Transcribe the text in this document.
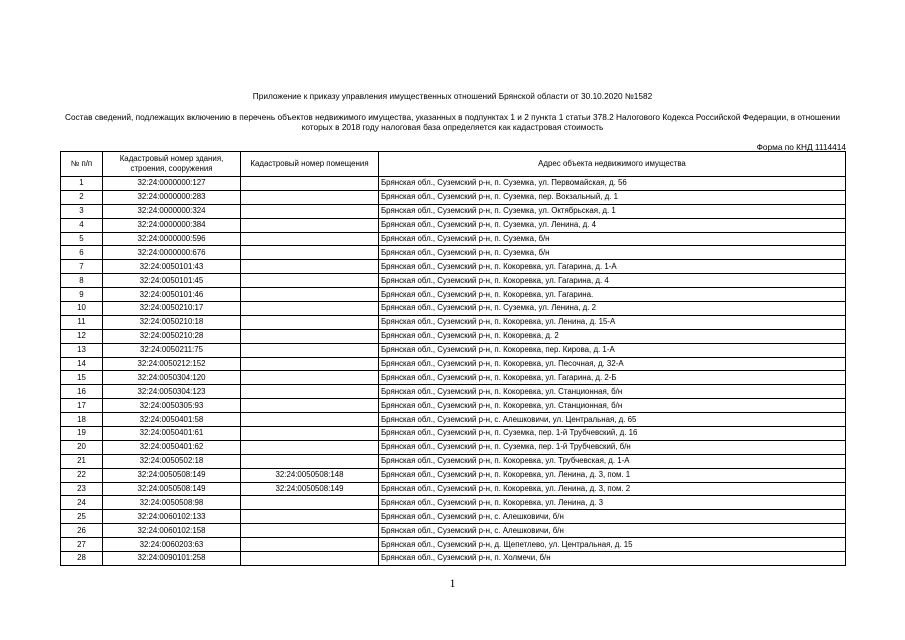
Приложение к приказу управления имущественных отношений Брянской области от 30.10.2020 №1582
Состав сведений, подлежащих включению в перечень объектов недвижимого имущества, указанных в подпунктах 1 и 2 пункта 1 статьи 378.2 Налогового Кодекса Российской Федерации, в отношении которых в 2018 году налоговая база определяется как кадастровая стоимость
Форма по КНД 1114414
№ п/п	Кадастровый номер здания, строения, сооружения	Кадастровый номер помещения	Адрес объекта недвижимого имущества
1	32:24:0000000:127		Брянская обл., Суземский р-н, п. Суземка, ул. Первомайская, д. 56
2	32:24:0000000:283		Брянская обл., Суземский р-н, п. Суземка, пер. Вокзальный, д. 1
3	32:24:0000000:324		Брянская обл., Суземский р-н, п. Суземка, ул. Октябрьская, д. 1
4	32:24:0000000:384		Брянская обл., Суземский р-н, п. Суземка, ул. Ленина, д. 4
5	32:24:0000000:596		Брянская обл., Суземский р-н, п. Суземка, б/н
6	32:24:0000000:676		Брянская обл., Суземский р-н, п. Суземка, б/н
7	32:24:0050101:43		Брянская обл., Суземский р-н, п. Кокоревка, ул. Гагарина, д. 1-А
8	32:24:0050101:45		Брянская обл., Суземский р-н, п. Кокоревка, ул. Гагарина, д. 4
9	32:24:0050101:46		Брянская обл., Суземский р-н, п. Кокоревка, ул. Гагарина.
10	32:24:0050210:17		Брянская обл., Суземский р-н, п. Суземка, ул. Ленина, д. 2
11	32:24:0050210:18		Брянская обл., Суземский р-н, п. Кокоревка, ул. Ленина, д. 15-А
12	32:24:0050210:28		Брянская обл., Суземский р-н, п. Кокоревка, д. 2
13	32:24:0050211:75		Брянская обл., Суземский р-н, п. Кокоревка, пер. Кирова, д. 1-А
14	32:24:0050212:152		Брянская обл., Суземский р-н, п. Кокоревка, ул. Песочная, д. 32-А
15	32:24:0050304:120		Брянская обл., Суземский р-н, п. Кокоревка, ул. Гагарина, д. 2-Б
16	32:24:0050304:123		Брянская обл., Суземский р-н, п. Кокоревка, ул. Станционная, б/н
17	32:24:0050305:93		Брянская обл., Суземский р-н, п. Кокоревка, ул. Станционная, б/н
18	32:24:0050401:58		Брянская обл., Суземский р-н, с. Алешковичи, ул. Центральная, д. 65
19	32:24:0050401:61		Брянская обл., Суземский р-н, п. Суземка, пер. 1-й Трубчевский, д. 16
20	32:24:0050401:62		Брянская обл., Суземский р-н, п. Суземка, пер. 1-й Трубчевский, б/н
21	32:24:0050502:18		Брянская обл., Суземский р-н, п. Кокоревка, ул. Трубчевская, д. 1-А
22	32:24:0050508:149	32:24:0050508:148	Брянская обл., Суземский р-н, п. Кокоревка, ул. Ленина, д. 3, пом. 1
23	32:24:0050508:149	32:24:0050508:149	Брянская обл., Суземский р-н, п. Кокоревка, ул. Ленина, д. 3, пом. 2
24	32:24:0050508:98		Брянская обл., Суземский р-н, п. Кокоревка, ул. Ленина, д. 3
25	32:24:0060102:133		Брянская обл., Суземский р-н, с. Алешковичи, б/н
26	32:24:0060102:158		Брянская обл., Суземский р-н, с. Алешковичи, б/н
27	32:24:0060203:63		Брянская обл., Суземский р-н, д. Щепетлево, ул. Центральная, д. 15
28	32:24:0090101:258		Брянская обл., Суземский р-н, п. Холмечи, б/н
1
